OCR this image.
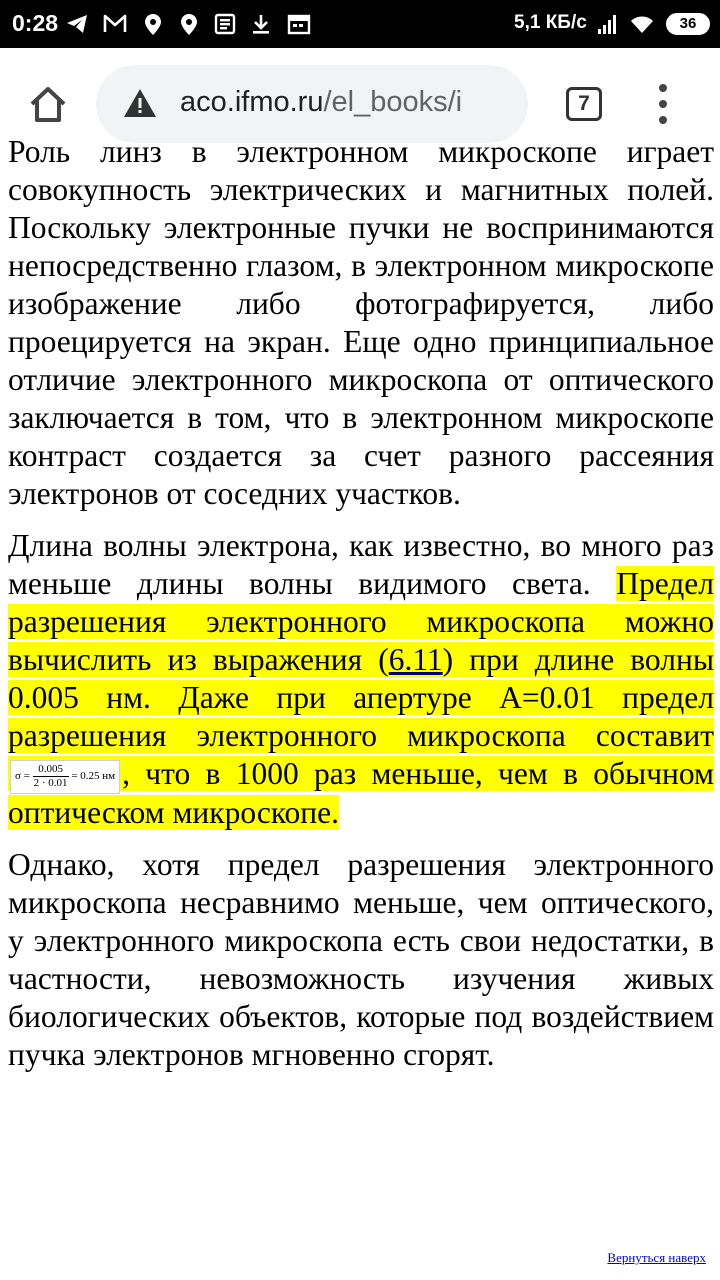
0:28	5,1 КБ/с	36
aco.ifmo.ru/el_books/i	7

Роль линз в электронном микроскопе играет совокупность электрических и магнитных полей. Поскольку электронные пучки не воспринимаются непосредственно глазом, в электронном микроскопе изображение либо фотографируется, либо проецируется на экран. Еще одно принципиальное отличие электронного микроскопа от оптического заключается в том, что в электронном микроскопе контраст создается за счет разного рассеяния электронов от соседних участков.

Длина волны электрона, как известно, во много раз меньше длины волны видимого света. Предел разрешения электронного микроскопа можно вычислить из выражения (6.11) при длине волны 0.005 нм. Даже при апертуре A=0.01 предел разрешения электронного микроскопа составит $\sigma = \frac{0.005}{2 \cdot 0.01} = 0.25$ нм , что в 1000 раз меньше, чем в обычном оптическом микроскопе.

Однако, хотя предел разрешения электронного микроскопа несравнимо меньше, чем оптического, у электронного микроскопа есть свои недостатки, в частности, невозможность изучения живых биологических объектов, которые под воздействием пучка электронов мгновенно сгорят.

Вернуться наверх
